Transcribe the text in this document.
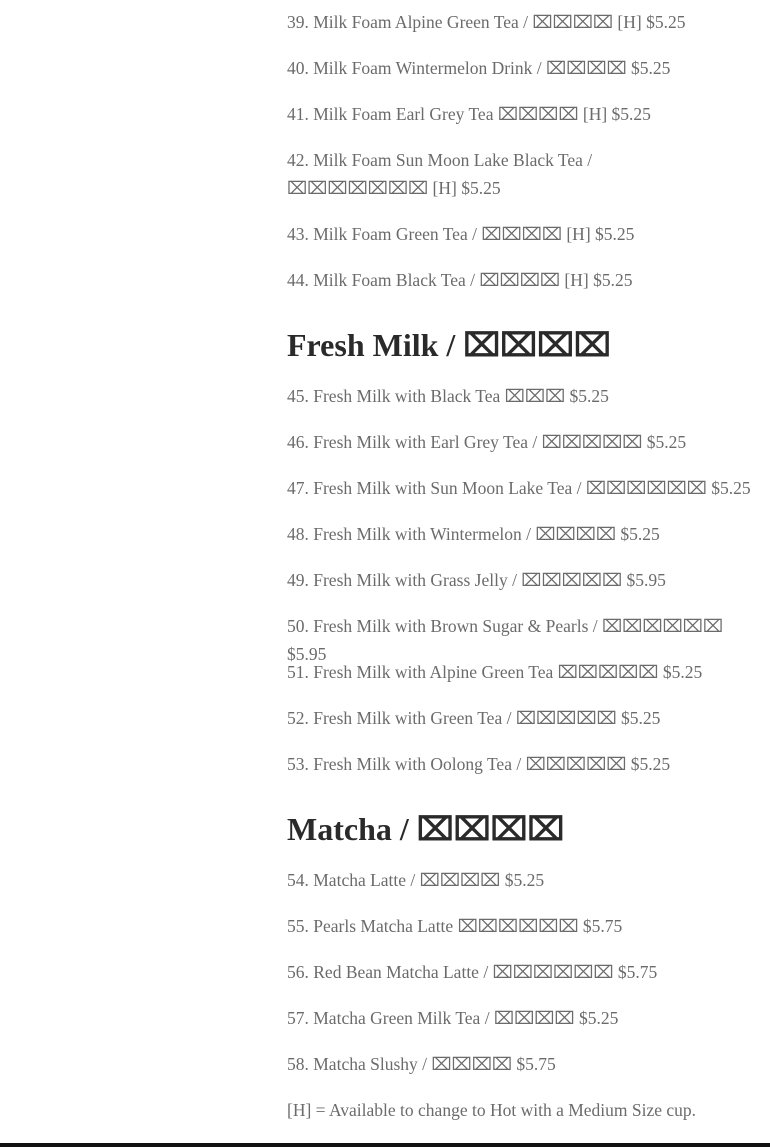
39. Milk Foam Alpine Green Tea / ⌧⌧⌧⌧ [H] $5.25
40. Milk Foam Wintermelon Drink / ⌧⌧⌧⌧ $5.25
41. Milk Foam Earl Grey Tea ⌧⌧⌧⌧ [H] $5.25
42. Milk Foam Sun Moon Lake Black Tea / ⌧⌧⌧⌧⌧⌧⌧ [H] $5.25
43. Milk Foam Green Tea / ⌧⌧⌧⌧ [H] $5.25
44. Milk Foam Black Tea / ⌧⌧⌧⌧ [H] $5.25
Fresh Milk / ⌧⌧⌧⌧
45. Fresh Milk with Black Tea ⌧⌧⌧ $5.25
46. Fresh Milk with Earl Grey Tea / ⌧⌧⌧⌧⌧ $5.25
47. Fresh Milk with Sun Moon Lake Tea / ⌧⌧⌧⌧⌧⌧ $5.25
48. Fresh Milk with Wintermelon / ⌧⌧⌧⌧ $5.25
49. Fresh Milk with Grass Jelly / ⌧⌧⌧⌧⌧ $5.95
50. Fresh Milk with Brown Sugar & Pearls / ⌧⌧⌧⌧⌧⌧ $5.95
51. Fresh Milk with Alpine Green Tea ⌧⌧⌧⌧⌧ $5.25
52. Fresh Milk with Green Tea / ⌧⌧⌧⌧⌧ $5.25
53. Fresh Milk with Oolong Tea / ⌧⌧⌧⌧⌧ $5.25
Matcha / ⌧⌧⌧⌧
54. Matcha Latte / ⌧⌧⌧⌧ $5.25
55. Pearls Matcha Latte ⌧⌧⌧⌧⌧⌧ $5.75
56. Red Bean Matcha Latte / ⌧⌧⌧⌧⌧⌧ $5.75
57. Matcha Green Milk Tea / ⌧⌧⌧⌧ $5.25
58. Matcha Slushy / ⌧⌧⌧⌧ $5.75
[H] = Available to change to Hot with a Medium Size cup.
